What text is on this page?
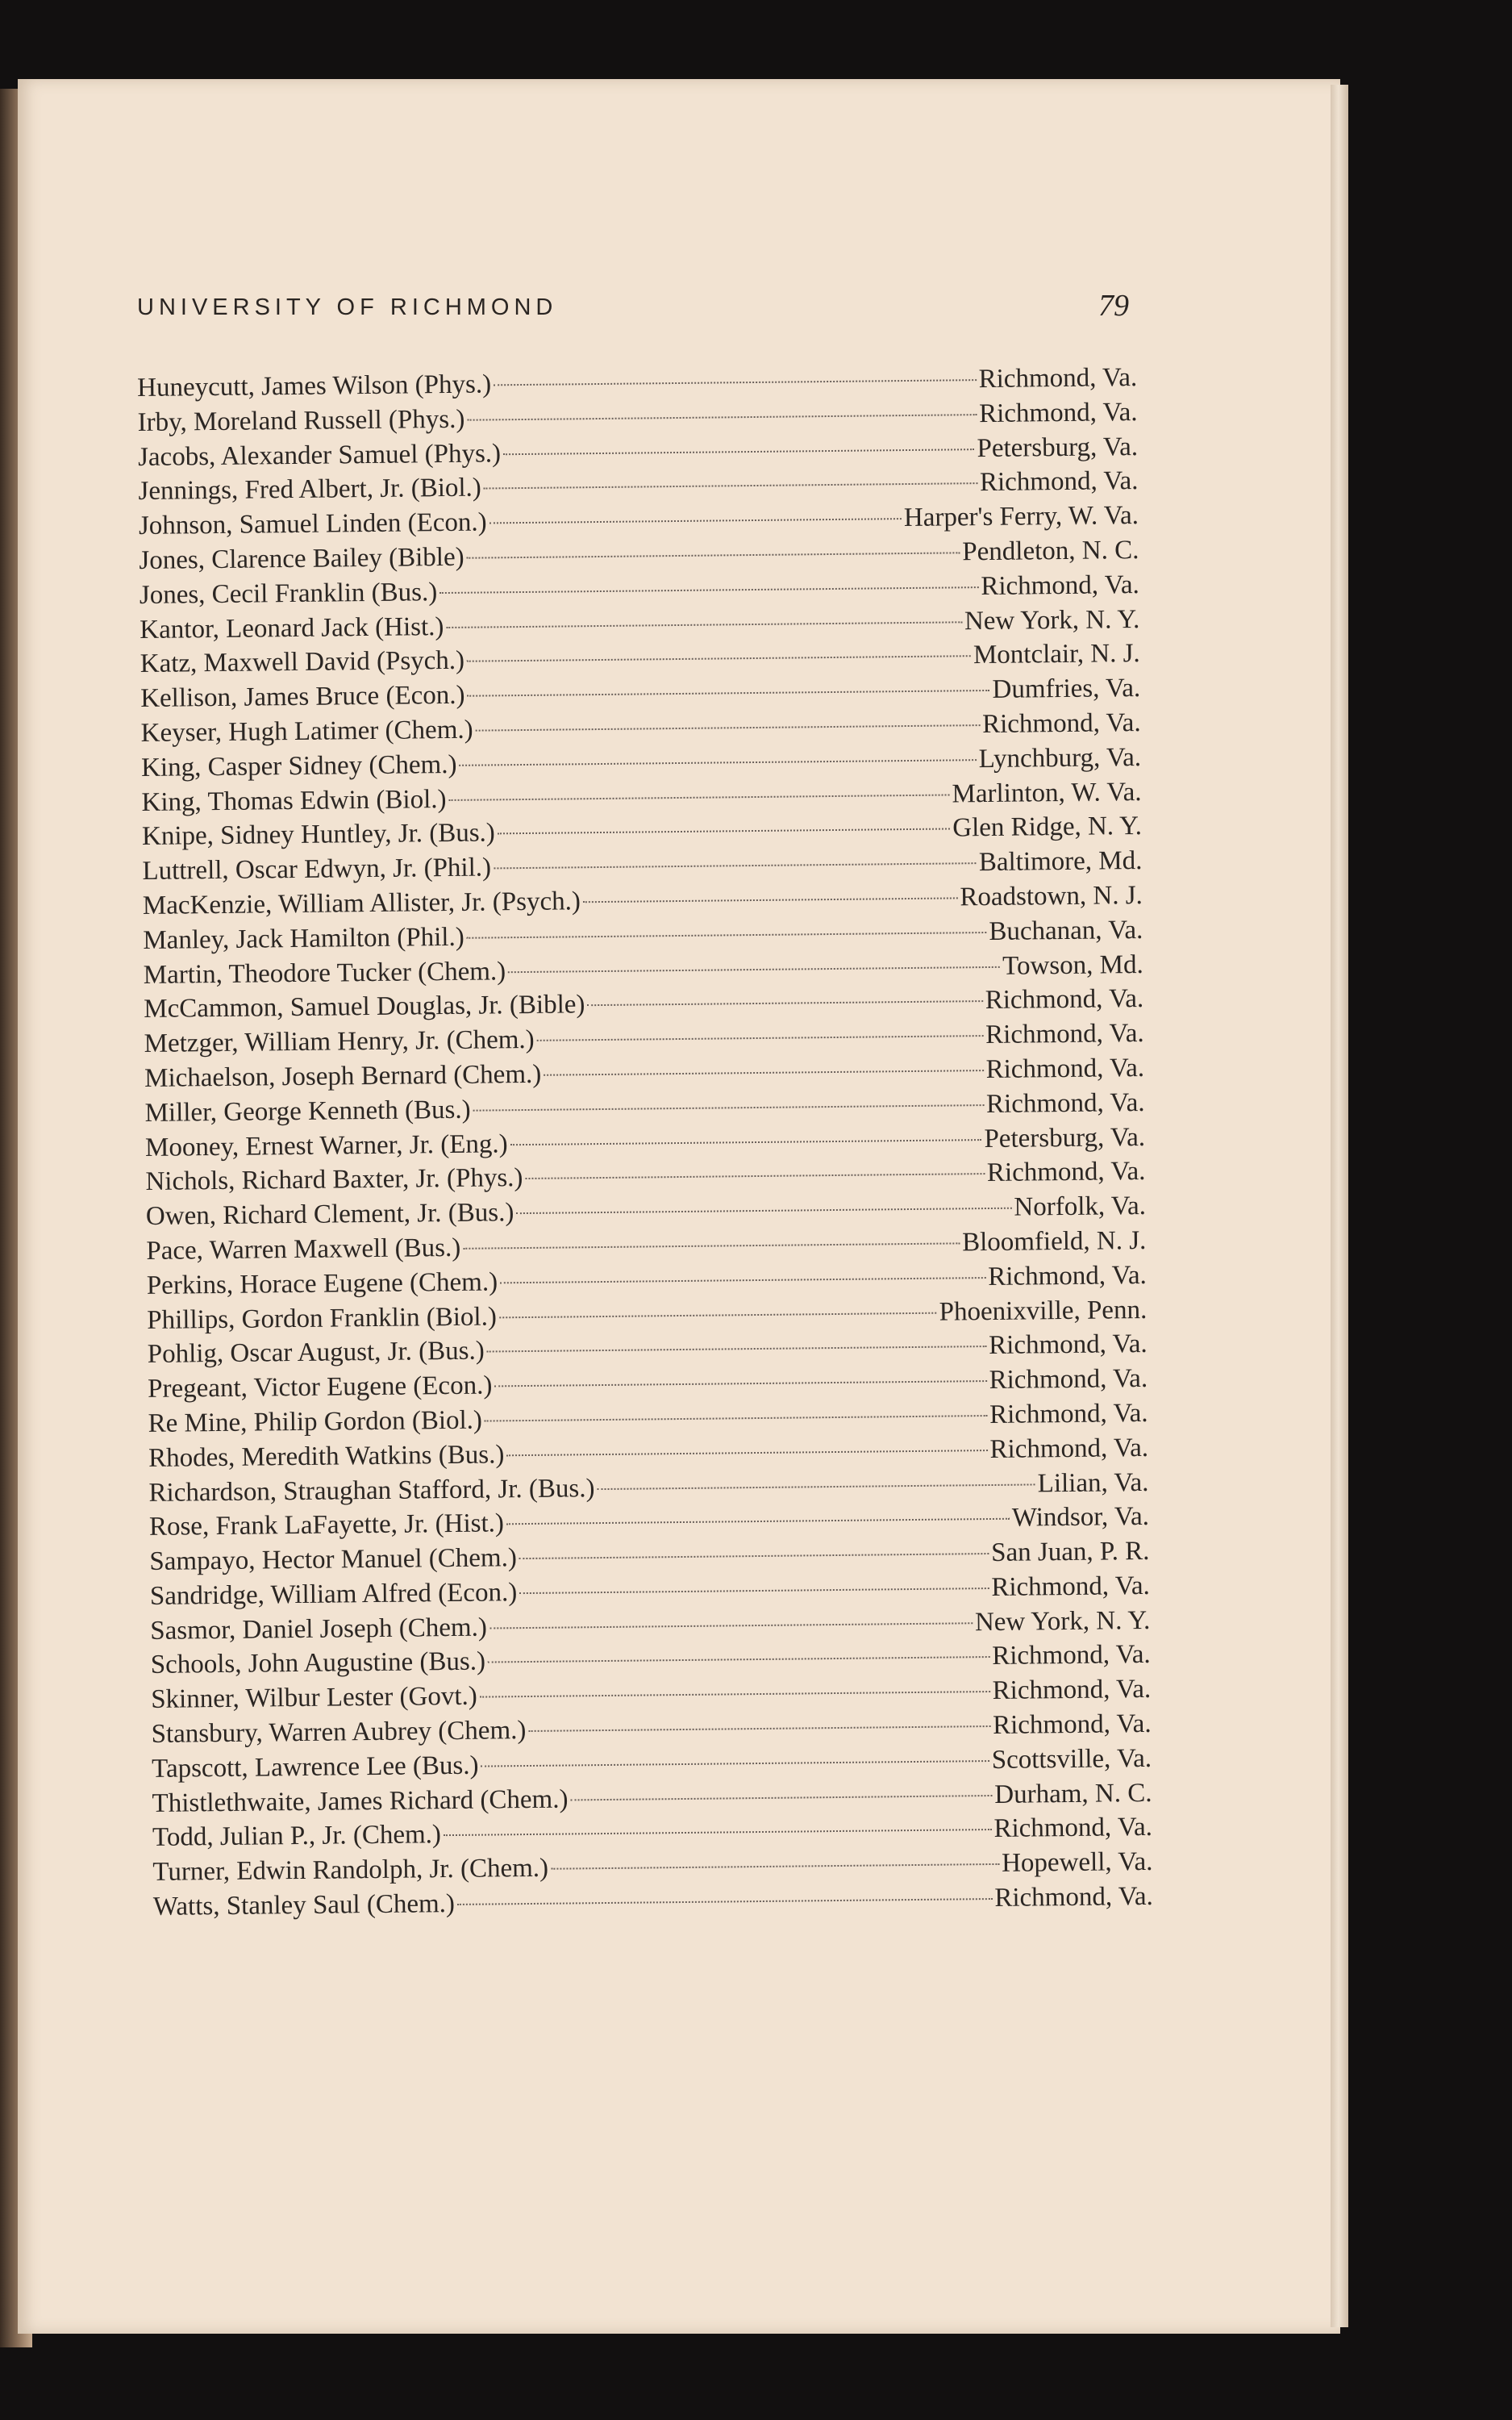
UNIVERSITY OF RICHMOND	79
Huneycutt, James Wilson (Phys.)	Richmond, Va.
Irby, Moreland Russell (Phys.)	Richmond, Va.
Jacobs, Alexander Samuel (Phys.)	Petersburg, Va.
Jennings, Fred Albert, Jr. (Biol.)	Richmond, Va.
Johnson, Samuel Linden (Econ.)	Harper's Ferry, W. Va.
Jones, Clarence Bailey (Bible)	Pendleton, N. C.
Jones, Cecil Franklin (Bus.)	Richmond, Va.
Kantor, Leonard Jack (Hist.)	New York, N. Y.
Katz, Maxwell David (Psych.)	Montclair, N. J.
Kellison, James Bruce (Econ.)	Dumfries, Va.
Keyser, Hugh Latimer (Chem.)	Richmond, Va.
King, Casper Sidney (Chem.)	Lynchburg, Va.
King, Thomas Edwin (Biol.)	Marlinton, W. Va.
Knipe, Sidney Huntley, Jr. (Bus.)	Glen Ridge, N. Y.
Luttrell, Oscar Edwyn, Jr. (Phil.)	Baltimore, Md.
MacKenzie, William Allister, Jr. (Psych.)	Roadstown, N. J.
Manley, Jack Hamilton (Phil.)	Buchanan, Va.
Martin, Theodore Tucker (Chem.)	Towson, Md.
McCammon, Samuel Douglas, Jr. (Bible)	Richmond, Va.
Metzger, William Henry, Jr. (Chem.)	Richmond, Va.
Michaelson, Joseph Bernard (Chem.)	Richmond, Va.
Miller, George Kenneth (Bus.)	Richmond, Va.
Mooney, Ernest Warner, Jr. (Eng.)	Petersburg, Va.
Nichols, Richard Baxter, Jr. (Phys.)	Richmond, Va.
Owen, Richard Clement, Jr. (Bus.)	Norfolk, Va.
Pace, Warren Maxwell (Bus.)	Bloomfield, N. J.
Perkins, Horace Eugene (Chem.)	Richmond, Va.
Phillips, Gordon Franklin (Biol.)	Phoenixville, Penn.
Pohlig, Oscar August, Jr. (Bus.)	Richmond, Va.
Pregeant, Victor Eugene (Econ.)	Richmond, Va.
Re Mine, Philip Gordon (Biol.)	Richmond, Va.
Rhodes, Meredith Watkins (Bus.)	Richmond, Va.
Richardson, Straughan Stafford, Jr. (Bus.)	Lilian, Va.
Rose, Frank LaFayette, Jr. (Hist.)	Windsor, Va.
Sampayo, Hector Manuel (Chem.)	San Juan, P. R.
Sandridge, William Alfred (Econ.)	Richmond, Va.
Sasmor, Daniel Joseph (Chem.)	New York, N. Y.
Schools, John Augustine (Bus.)	Richmond, Va.
Skinner, Wilbur Lester (Govt.)	Richmond, Va.
Stansbury, Warren Aubrey (Chem.)	Richmond, Va.
Tapscott, Lawrence Lee (Bus.)	Scottsville, Va.
Thistlethwaite, James Richard (Chem.)	Durham, N. C.
Todd, Julian P., Jr. (Chem.)	Richmond, Va.
Turner, Edwin Randolph, Jr. (Chem.)	Hopewell, Va.
Watts, Stanley Saul (Chem.)	Richmond, Va.
